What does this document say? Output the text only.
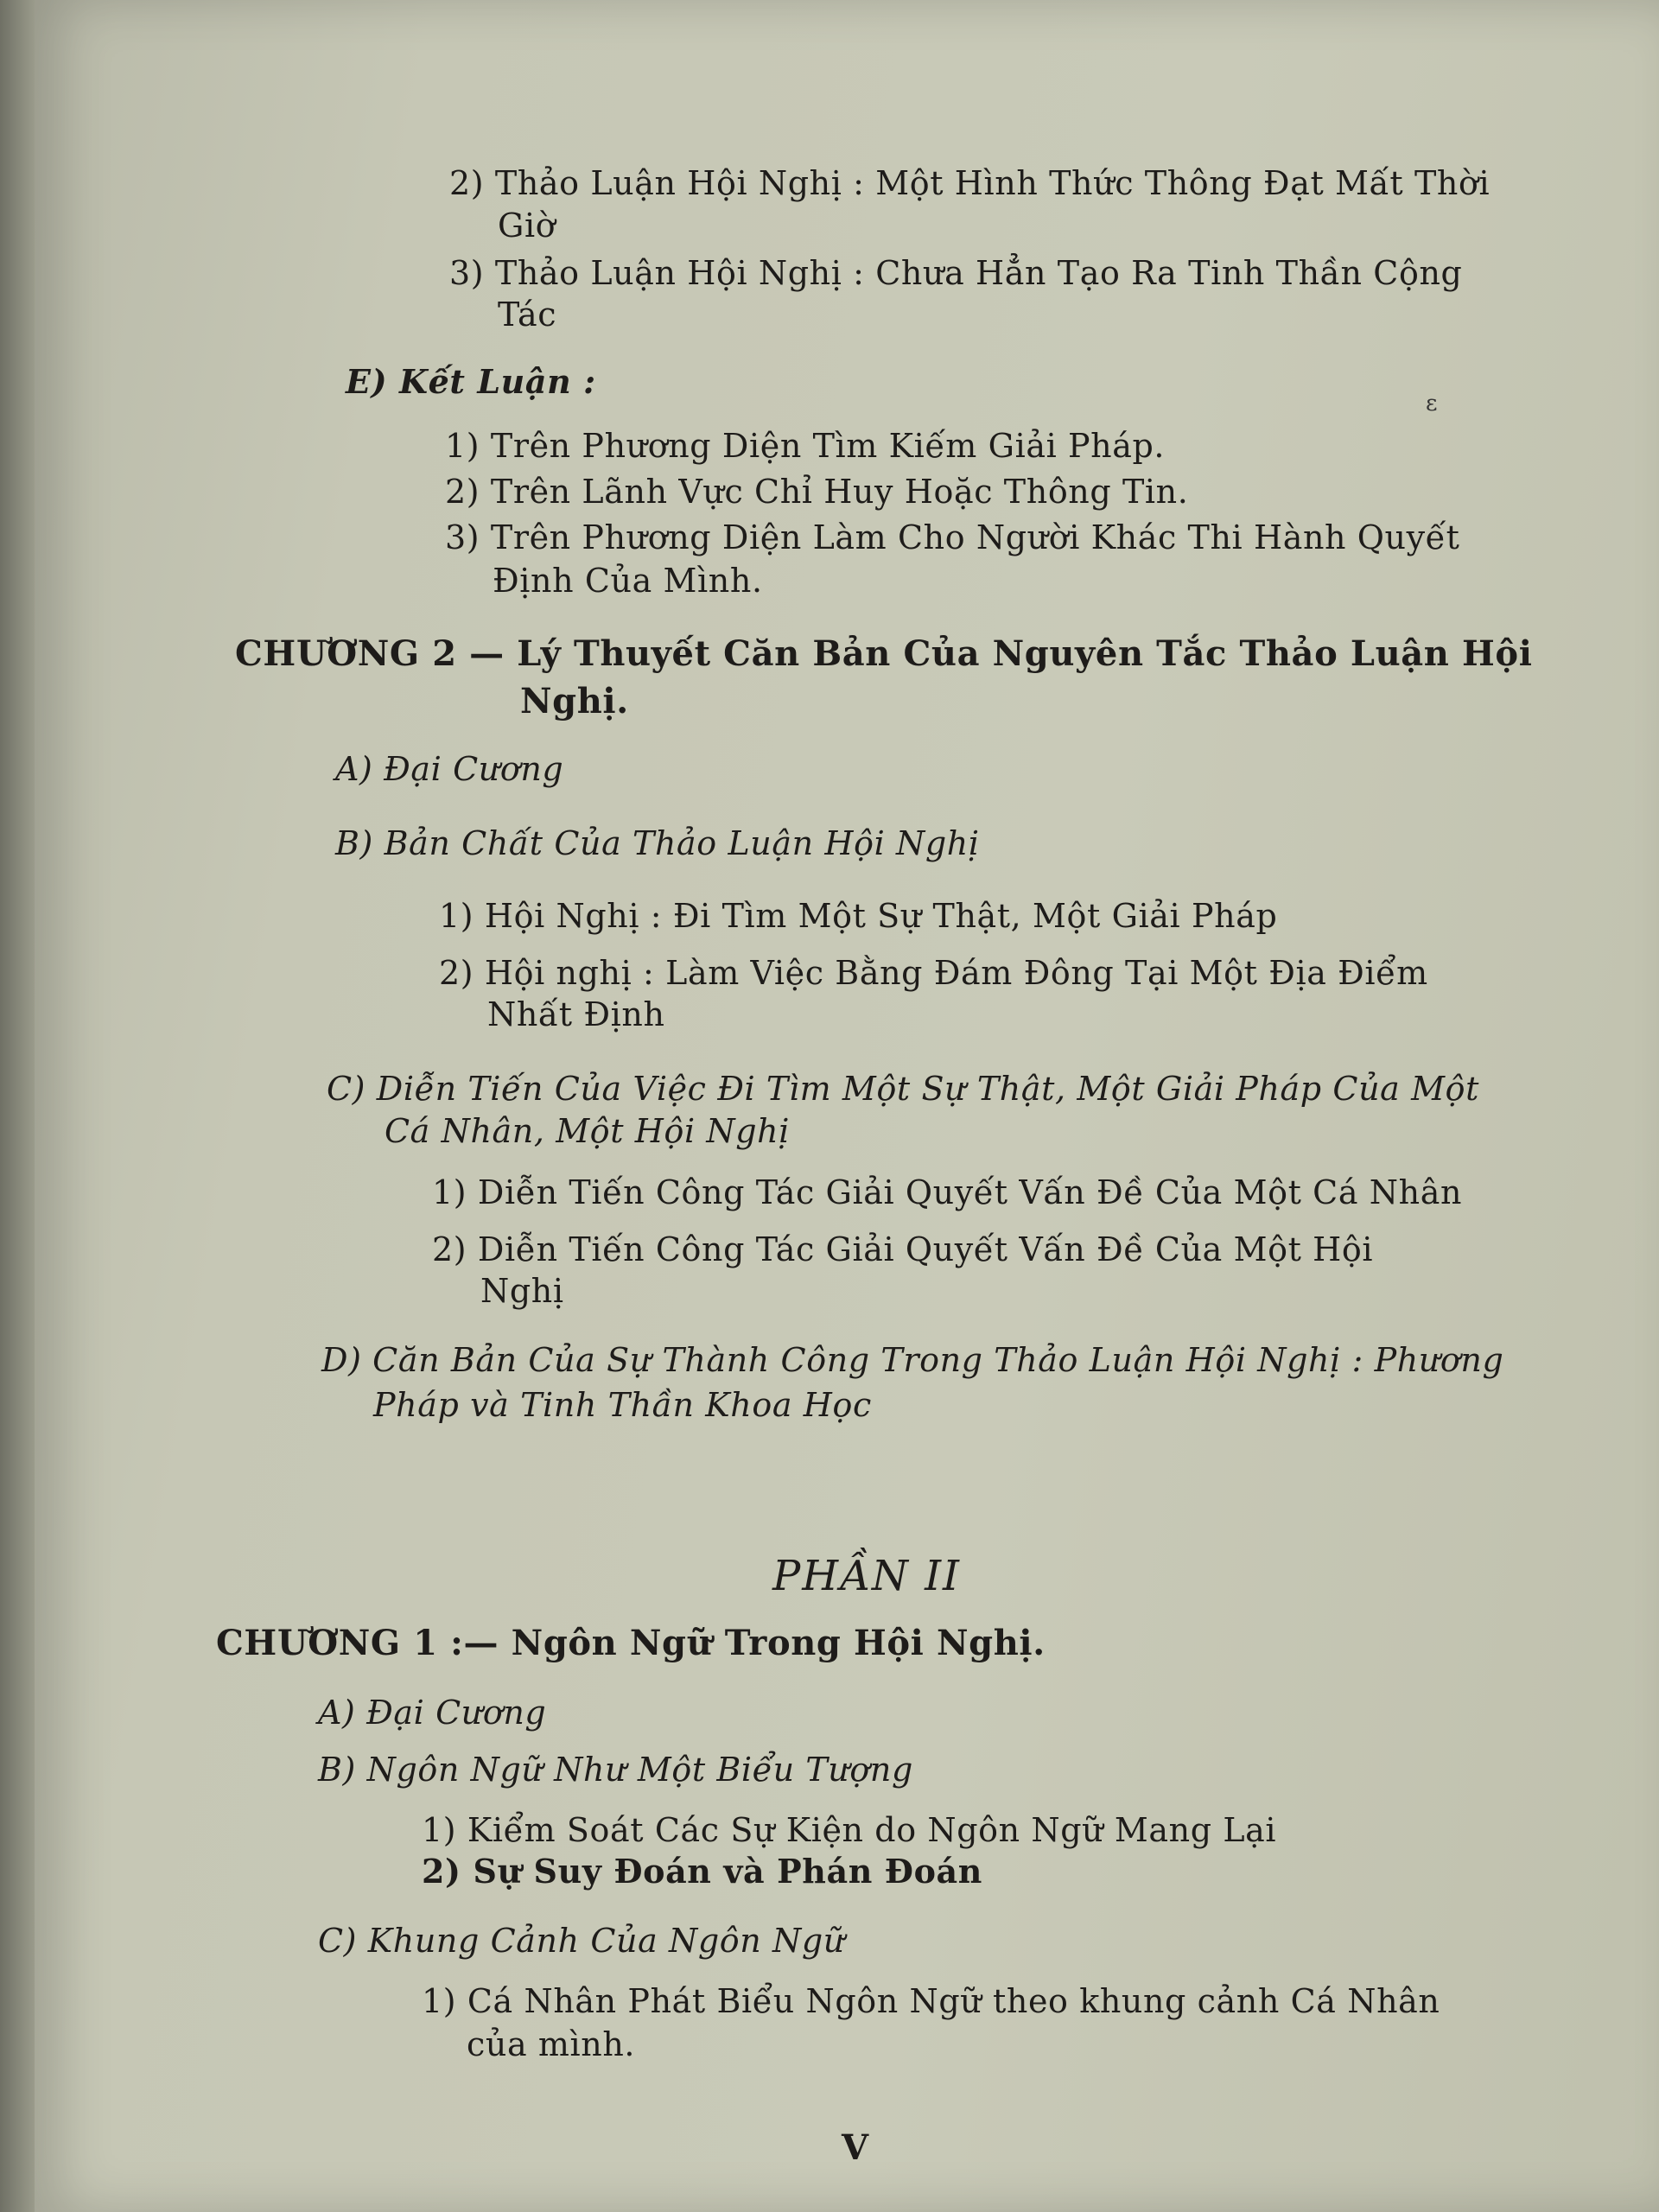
2) Thảo Luận Hội Nghị : Một Hình Thức Thông Đạt Mất Thời
Giờ
3) Thảo Luận Hội Nghị : Chưa Hẳn Tạo Ra Tinh Thần Cộng
Tác
E) Kết Luận :
ε
1) Trên Phương Diện Tìm Kiếm Giải Pháp.
2) Trên Lãnh Vực Chỉ Huy Hoặc Thông Tin.
3) Trên Phương Diện Làm Cho Người Khác Thi Hành Quyết
Định Của Mình.
CHƯƠNG 2 — Lý Thuyết Căn Bản Của Nguyên Tắc Thảo Luận Hội
Nghị.
A) Đại Cương
B) Bản Chất Của Thảo Luận Hội Nghị
1) Hội Nghị : Đi Tìm Một Sự Thật, Một Giải Pháp
2) Hội nghị : Làm Việc Bằng Đám Đông Tại Một Địa Điểm
Nhất Định
C) Diễn Tiến Của Việc Đi Tìm Một Sự Thật, Một Giải Pháp Của Một
Cá Nhân, Một Hội Nghị
1) Diễn Tiến Công Tác Giải Quyết Vấn Đề Của Một Cá Nhân
2) Diễn Tiến Công Tác Giải Quyết Vấn Đề Của Một Hội
Nghị
D) Căn Bản Của Sự Thành Công Trong Thảo Luận Hội Nghị : Phương
Pháp và Tinh Thần Khoa Học
PHẦN II
CHƯƠNG 1 :— Ngôn Ngữ Trong Hội Nghị.
A) Đại Cương
B) Ngôn Ngữ Như Một Biểu Tượng
1) Kiểm Soát Các Sự Kiện do Ngôn Ngữ Mang Lại
2) Sự Suy Đoán và Phán Đoán
C) Khung Cảnh Của Ngôn Ngữ
1) Cá Nhân Phát Biểu Ngôn Ngữ theo khung cảnh Cá Nhân
của mình.
V
